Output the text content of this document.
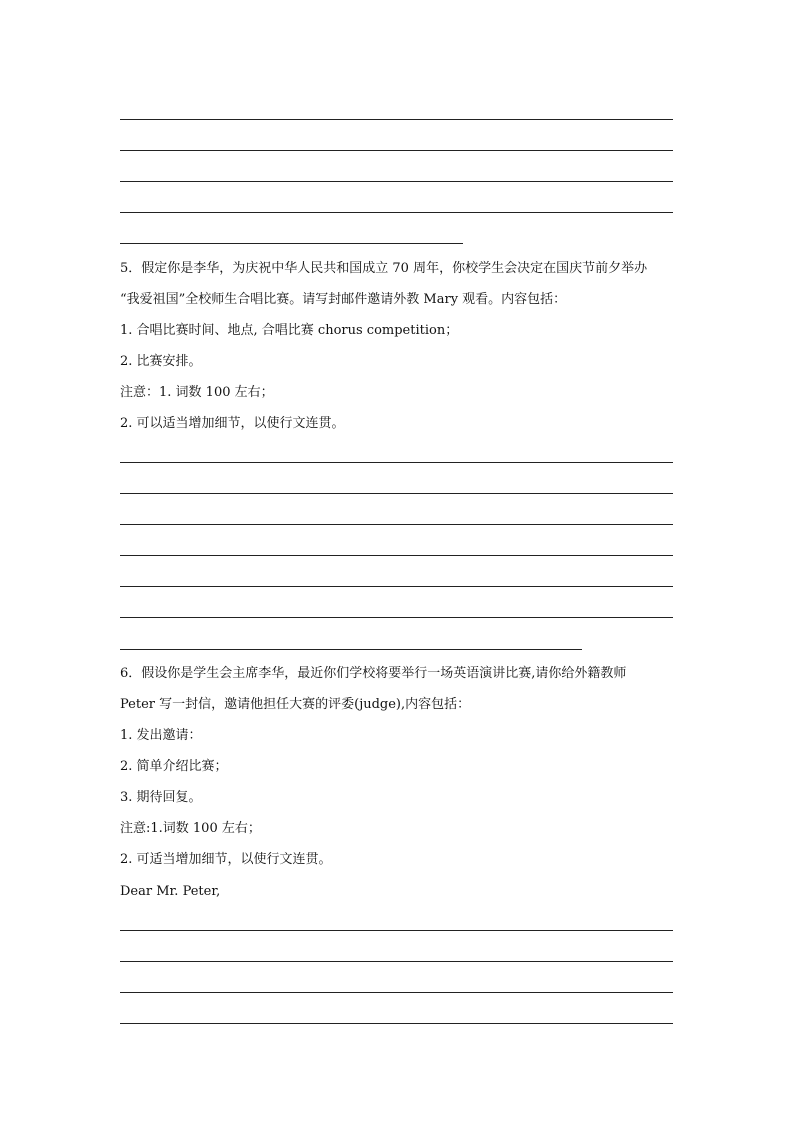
5．假定你是李华，为庆祝中华人民共和国成立 70 周年，你校学生会决定在国庆节前夕举办
“我爱祖国”全校师生合唱比赛。请写封邮件邀请外教 Mary 观看。内容包括：
1. 合唱比赛时间、地点, 合唱比赛 chorus competition；
2. 比赛安排。
注意：1. 词数 100 左右；
2. 可以适当增加细节，以使行文连贯。
6．假设你是学生会主席李华，最近你们学校将要举行一场英语演讲比赛,请你给外籍教师
Peter 写一封信，邀请他担任大赛的评委(judge),内容包括：
1. 发出邀请：
2. 简单介绍比赛；
3. 期待回复。
注意:1.词数 100 左右；
2. 可适当增加细节，以使行文连贯。
Dear Mr. Peter,
